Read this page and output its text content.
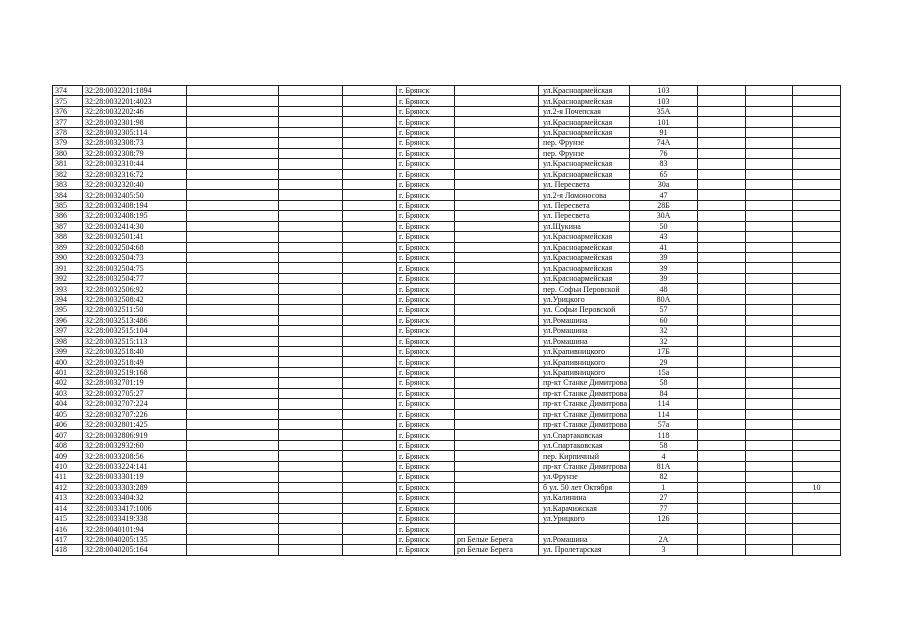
374	32:28:0032201:1894				г. Брянск		ул.Красноармейская	103			
375	32:28:0032201:4023				г. Брянск		ул.Красноармейская	103			
376	32:28:0032202:46				г. Брянск		ул.2-я Почепская	35А			
377	32:28:0032301:98				г. Брянск		ул.Красноармейская	101			
378	32:28:0032305:114				г. Брянск		ул.Красноармейская	91			
379	32:28:0032308:73				г. Брянск		пер. Фрунзе	74А			
380	32:28:0032308:79				г. Брянск		пер. Фрунзе	76			
381	32:28:0032310:44				г. Брянск		ул.Красноармейская	83			
382	32:28:0032316:72				г. Брянск		ул.Красноармейская	65			
383	32:28:0032320:40				г. Брянск		ул. Пересвета	30а			
384	32:28:0032405:50				г. Брянск		ул.2-я Ломоносова	47			
385	32:28:0032408:194				г. Брянск		ул. Пересвета	28Б			
386	32:28:0032408:195				г. Брянск		ул. Пересвета	30А			
387	32:28:0032414:30				г. Брянск		ул.Щукина	50			
388	32:28:0032501:41				г. Брянск		ул.Красноармейская	43			
389	32:28:0032504:68				г. Брянск		ул.Красноармейская	41			
390	32:28:0032504:73				г. Брянск		ул.Красноармейская	39			
391	32:28:0032504:75				г. Брянск		ул.Красноармейская	39			
392	32:28:0032504:77				г. Брянск		ул.Красноармейская	39			
393	32:28:0032506:92				г. Брянск		пер. Софьи Перовской	48			
394	32:28:0032508:42				г. Брянск		ул.Урицкого	80А			
395	32:28:0032511:50				г. Брянск		ул. Софьи Перовской	57			
396	32:28:0032513:486				г. Брянск		ул.Ромашина	60			
397	32:28:0032515:104				г. Брянск		ул.Ромашина	32			
398	32:28:0032515:113				г. Брянск		ул.Ромашина	32			
399	32:28:0032518:40				г. Брянск		ул.Крапивницкого	17Б			
400	32:28:0032518:49				г. Брянск		ул.Крапивницкого	29			
401	32:28:0032519:168				г. Брянск		ул.Крапивницкого	15а			
402	32:28:0032701:19				г. Брянск		пр-кт Станке Димитрова	58			
403	32:28:0032705:27				г. Брянск		пр-кт Станке Димитрова	84			
404	32:28:0032707:224				г. Брянск		пр-кт Станке Димитрова	114			
405	32:28:0032707:226				г. Брянск		пр-кт Станке Димитрова	114			
406	32:28:0032801:425				г. Брянск		пр-кт Станке Димитрова	57а			
407	32:28:0032806:919				г. Брянск		ул.Спартаковская	118			
408	32:28:0032932:60				г. Брянск		ул.Спартаковская	58			
409	32:28:0033208:56				г. Брянск		пер. Кирпичный	4			
410	32:28:0033224:141				г. Брянск		пр-кт Станке Димитрова	81А			
411	32:28:0033301:19				г. Брянск		ул.Фрунзе	82			
412	32:28:0033303:289				г. Брянск		б ул. 50 лет Октября	1			10
413	32:28:0033404:32				г. Брянск		ул.Калинина	27			
414	32:28:0033417:1006				г. Брянск		ул.Карачижская	77			
415	32:28:0033419:338				г. Брянск		ул.Урицкого	126			
416	32:28:0040101:94				г. Брянск						
417	32:28:0040205:135				г. Брянск	рп Белые Берега	ул.Ромашина	2А			
418	32:28:0040205:164				г. Брянск	рп Белые Берега	ул. Пролетарская	3			
